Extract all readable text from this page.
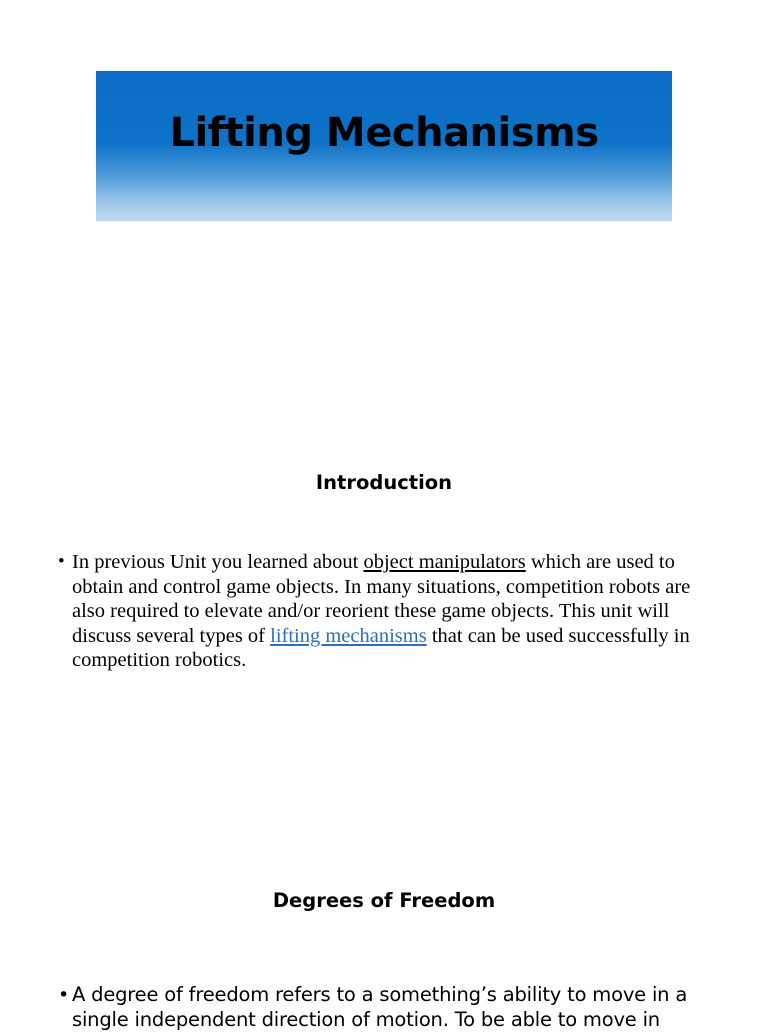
Lifting Mechanisms
Introduction
• In previous Unit you learned about object manipulators which are used to obtain and control game objects. In many situations, competition robots are also required to elevate and/or reorient these game objects. This unit will discuss several types of lifting mechanisms that can be used successfully in competition robotics.
Degrees of Freedom
• A degree of freedom refers to a something’s ability to move in a single independent direction of motion. To be able to move in
